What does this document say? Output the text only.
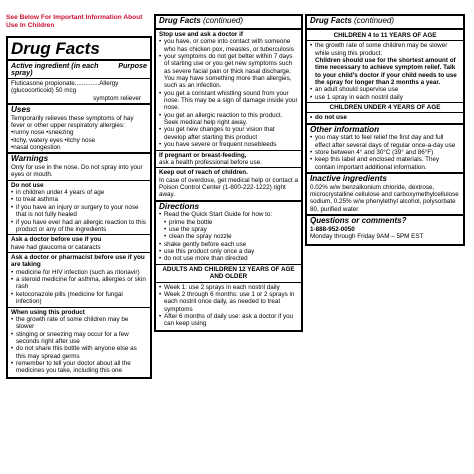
See Below For Important Information About Use In Children
Drug Facts
Active ingredient (in each spray)
Purpose
Fluticasone propionate..............Allergy (glucocorticoid) 50 mcg
symptom reliever
Uses
Temporarily relieves these symptoms of hay fever or other upper respiratory allergies:
• runny nose • sneezing
• itchy, watery eyes • itchy nose
• nasal congestion
Warnings
Only for use in the nose. Do not spray into your eyes or mouth.
Do not use
• in children under 4 years of age
• to treat asthma
• if you have an injury or surgery to your nose that is not fully healed
• if you have ever had an allergic reaction to this product or any of the ingredients
Ask a doctor before use if you
have had glaucoma or cataracts
Ask a doctor or pharmacist before use if you are taking
• medicine for HIV infection (such as ritonavir)
• a steroid medicine for asthma, allergies or skin rash
• ketoconazole pills (medicine for fungal infection)
When using this product
• the growth rate of some children may be slower
• stinging or sneezing may occur for a few seconds right after use
• do not share this bottle with anyone else as this may spread germs
• remember to tell your doctor about all the medicines you take, including this one
Drug Facts (continued)
Stop use and ask a doctor if
• you have, or come into contact with someone who has chicken pox, measles, or tuberculosis
• your symptoms do not get better within 7 days of starting use or you get new symptoms such as severe facial pain or thick nasal discharge. You may have something more than allergies, such as an infection.
• you get a constant whistling sound from your nose. This may be a sign of damage inside your nose.
• you get an allergic reaction to this product. Seek medical help right away.
• you get new changes to your vision that develop after starting this product
• you have severe or frequent nosebleeds
If pregnant or breast-feeding,
ask a health professional before use.
Keep out of reach of children.
In case of overdose, get medical help or contact a Poison Control Center (1-800-222-1222) right away.
Directions
• Read the Quick Start Guide for how to:
• prime the bottle
• use the spray
• clean the spray nozzle
• shake gently before each use
• use this product only once a day
• do not use more than directed
ADULTS AND CHILDREN 12 YEARS OF AGE AND OLDER
• Week 1: use 2 sprays in each nostril daily
• Week 2 through 6 months: use 1 or 2 sprays in each nostril once daily, as needed to treat symptoms
• After 6 months of daily use: ask a doctor if you can keep using
Drug Facts (continued)
CHILDREN 4 to 11 YEARS OF AGE
• the growth rate of some children may be slower while using this product.
Children should use for the shortest amount of time necessary to achieve symptom relief. Talk to your child's doctor if your child needs to use the spray for longer than 2 months a year.
• an adult should supervise use
• use 1 spray in each nostril daily
CHILDREN UNDER 4 YEARS OF AGE
• do not use
Other information
• you may start to feel relief the first day and full effect after several days of regular once-a-day use
• store between 4° and 30°C (39° and 86°F)
• keep this label and enclosed materials. They contain important additional information.
Inactive ingredients
0.02% w/w benzalkonium chloride, dextrose, microcrystalline cellulose and carboxymethylcellulose sodium, 0.25% w/w phenylethyl alcohol, polysorbate 80, purified water
Questions or comments?
1-888-952-0050
Monday through Friday 9AM – 5PM EST
